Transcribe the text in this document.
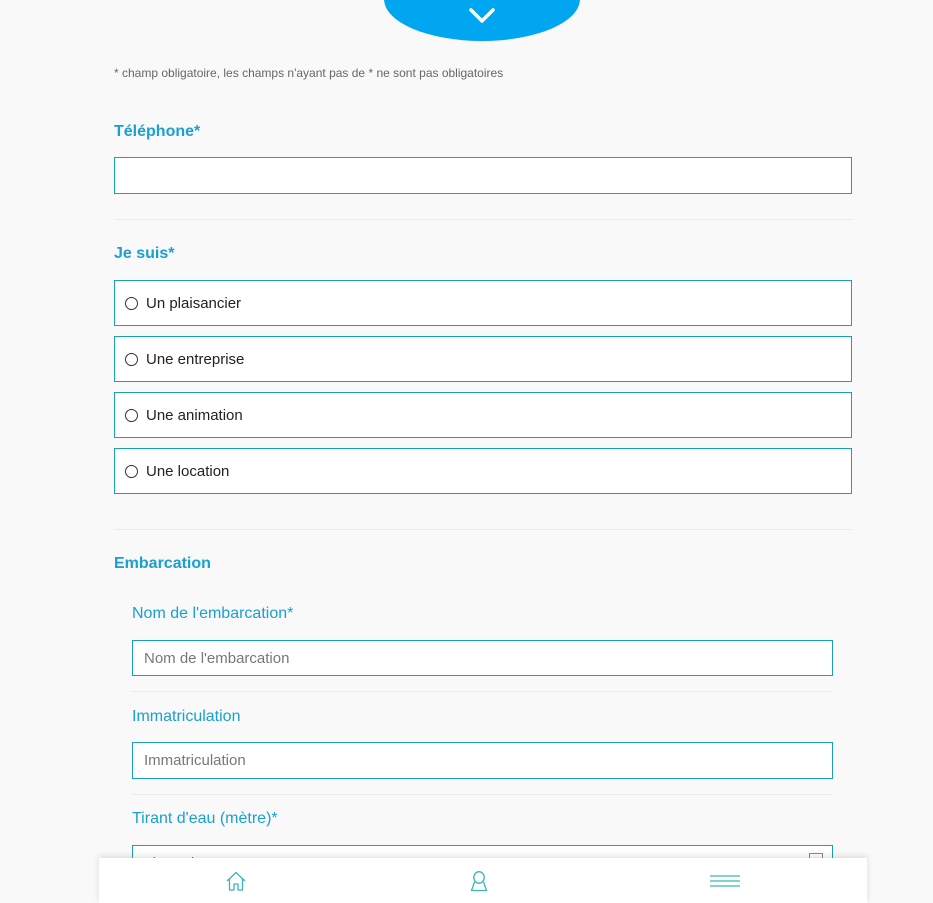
* champ obligatoire, les champs n'ayant pas de * ne sont pas obligatoires
Téléphone*
Je suis*
Un plaisancier
Une entreprise
Une animation
Une location
Embarcation
Nom de l'embarcation*
Nom de l'embarcation
Immatriculation
Immatriculation
Tirant d'eau (mètre)*
Tirant d'eau
